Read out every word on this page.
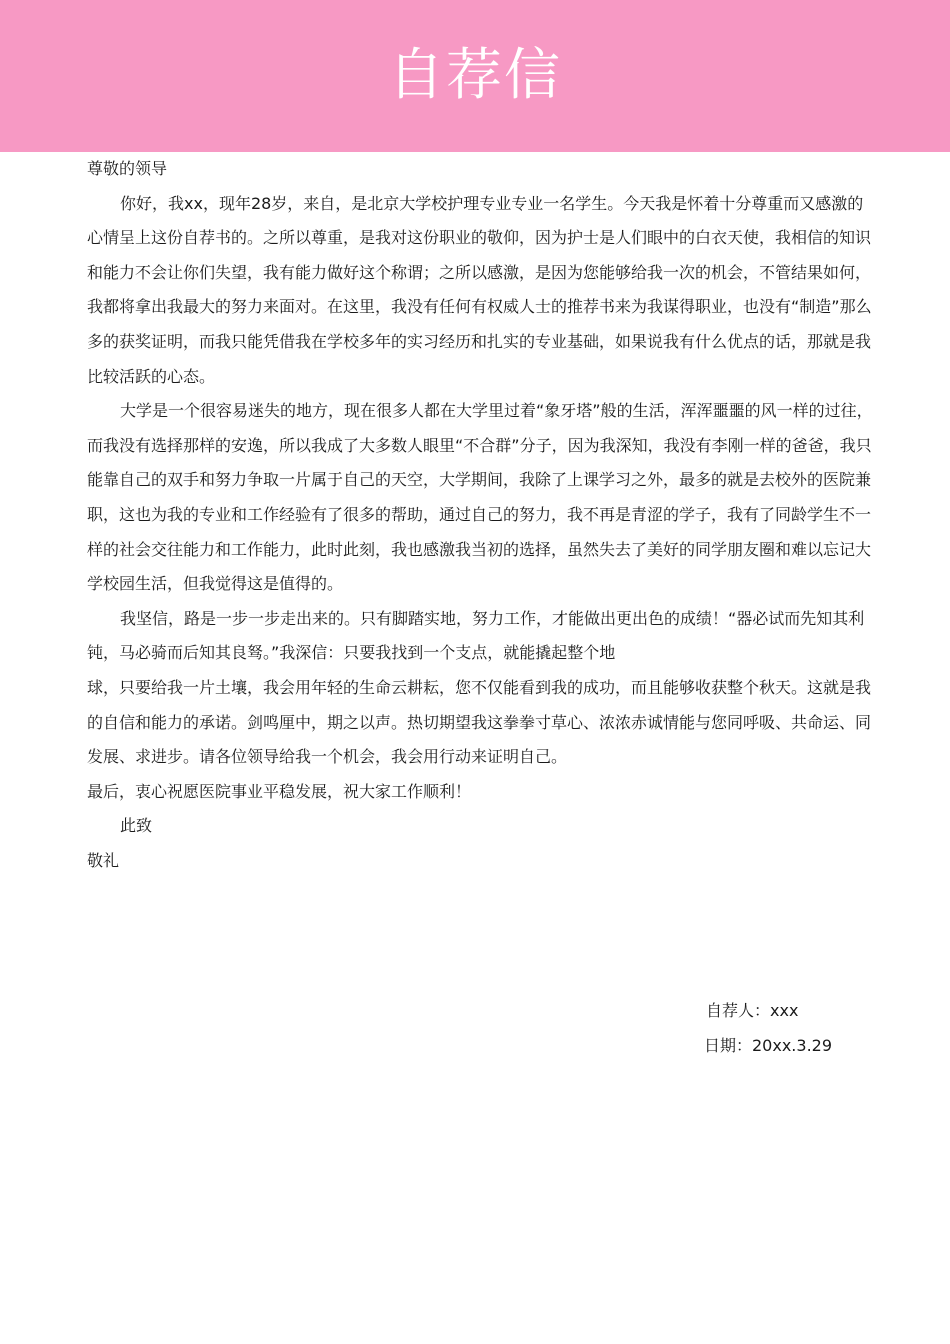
自荐信

尊敬的领导

你好，我xx，现年28岁，来自，是北京大学校护理专业专业一名学生。今天我是怀着十分尊重而又感激的心情呈上这份自荐书的。之所以尊重，是我对这份职业的敬仰，因为护士是人们眼中的白衣天使，我相信的知识和能力不会让你们失望，我有能力做好这个称谓；之所以感激，是因为您能够给我一次的机会，不管结果如何，我都将拿出我最大的努力来面对。在这里，我没有任何有权威人士的推荐书来为我谋得职业，也没有“制造”那么多的获奖证明，而我只能凭借我在学校多年的实习经历和扎实的专业基础，如果说我有什么优点的话，那就是我比较活跃的心态。

大学是一个很容易迷失的地方，现在很多人都在大学里过着“象牙塔”般的生活，浑浑噩噩的风一样的过往，而我没有选择那样的安逸，所以我成了大多数人眼里“不合群”分子，因为我深知，我没有李刚一样的爸爸，我只能靠自己的双手和努力争取一片属于自己的天空，大学期间，我除了上课学习之外，最多的就是去校外的医院兼职，这也为我的专业和工作经验有了很多的帮助，通过自己的努力，我不再是青涩的学子，我有了同龄学生不一样的社会交往能力和工作能力，此时此刻，我也感激我当初的选择，虽然失去了美好的同学朋友圈和难以忘记大学校园生活，但我觉得这是值得的。

我坚信，路是一步一步走出来的。只有脚踏实地，努力工作，才能做出更出色的成绩！“器必试而先知其利钝，马必骑而后知其良驽。”我深信：只要我找到一个支点，就能撬起整个地

球，只要给我一片土壤，我会用年轻的生命云耕耘，您不仅能看到我的成功，而且能够收获整个秋天。这就是我的自信和能力的承诺。剑鸣厘中，期之以声。热切期望我这拳拳寸草心、浓浓赤诚情能与您同呼吸、共命运、同发展、求进步。请各位领导给我一个机会，我会用行动来证明自己。

最后，衷心祝愿医院事业平稳发展，祝大家工作顺利！

此致

敬礼

自荐人：xxx
日期：20xx.3.29
